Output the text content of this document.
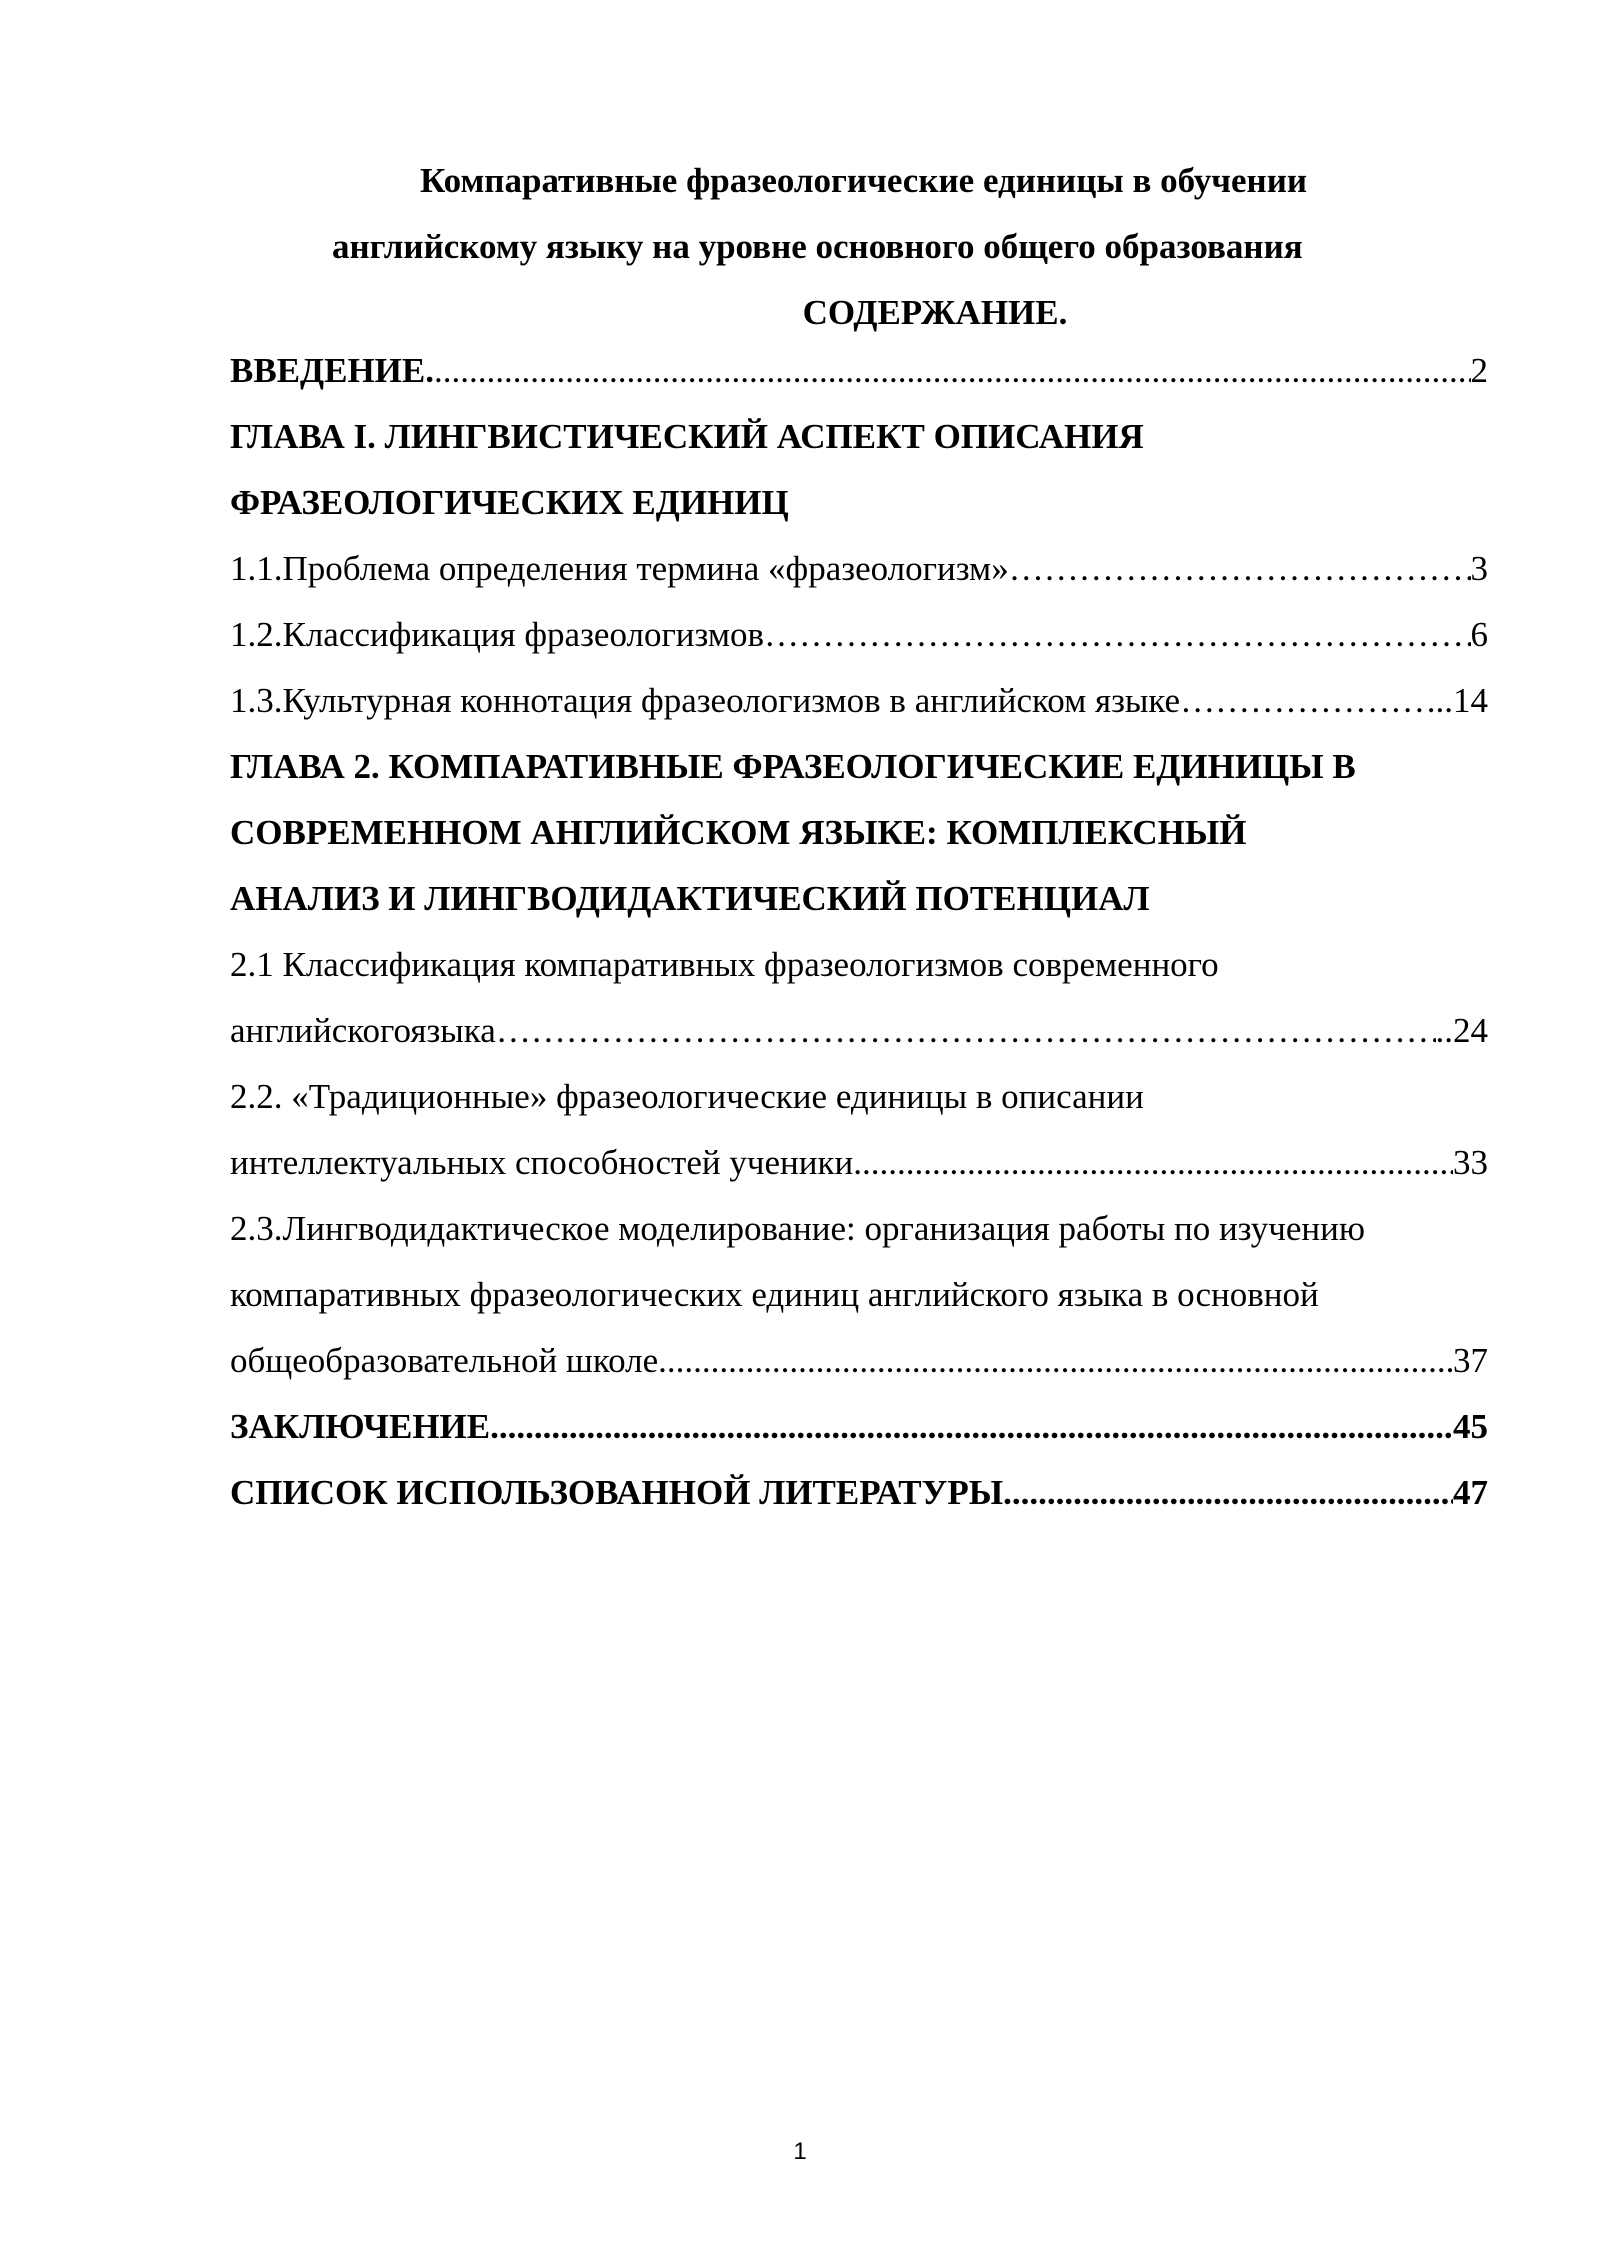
Компаративные фразеологические единицы в обучении
английскому языку на уровне основного общего образования
СОДЕРЖАНИЕ.
ВВЕДЕНИЕ. .....	2
ГЛАВА I. ЛИНГВИСТИЧЕСКИЙ АСПЕКТ ОПИСАНИЯ
ФРАЗЕОЛОГИЧЕСКИХ ЕДИНИЦ
1.1.Проблема определения термина «фразеологизм» ……………………………………………………………………………………………………………………………………………………………………………………	3
1.2.Классификация фразеологизмов ……………………………………………………………………………………………………………………………………………………………………………………	6
1.3.Культурная коннотация фразеологизмов в английском языке ……………………………………………………………………………………………………………………………………………………………………………………	...14
ГЛАВА 2. КОМПАРАТИВНЫЕ ФРАЗЕОЛОГИЧЕСКИЕ ЕДИНИЦЫ В
СОВРЕМЕННОМ АНГЛИЙСКОМ ЯЗЫКЕ: КОМПЛЕКСНЫЙ
АНАЛИЗ И ЛИНГВОДИДАКТИЧЕСКИЙ ПОТЕНЦИАЛ
2.1 Классификация компаративных фразеологизмов современного
английскогоязыка ……………………………………………………………………………………………………………………………………………………………………………………	..24
2.2. «Традиционные» фразеологические единицы в описании
интеллектуальных способностей ученики .....	33
2.3.Лингводидактическое моделирование: организация работы по изучению
компаративных фразеологических единиц английского языка в основной
общеобразовательной школе .....	37
ЗАКЛЮЧЕНИЕ .....	45
СПИСОК ИСПОЛЬЗОВАННОЙ ЛИТЕРАТУРЫ .....	47
1
